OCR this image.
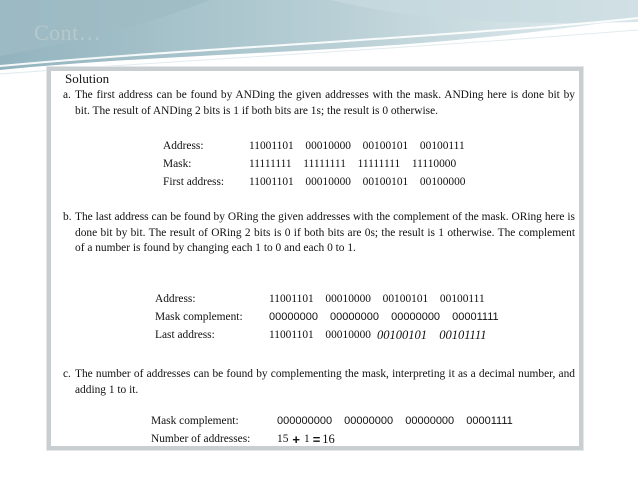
Cont…
Solution
a. The first address can be found by ANDing the given addresses with the mask. ANDing here is done bit by bit. The result of ANDing 2 bits is 1 if both bits are 1s; the result is 0 otherwise.
Address:	11001101  00010000  00100101  00100111
Mask:	11111111  11111111  11111111  11110000
First address:	11001101  00010000  00100101  00100000
b. The last address can be found by ORing the given addresses with the complement of the mask. ORing here is done bit by bit. The result of ORing 2 bits is 0 if both bits are 0s; the result is 1 otherwise. The complement of a number is found by changing each 1 to 0 and each 0 to 1.
Address:	11001101  00010000  00100101  00100111
Mask complement:	00000000  00000000  00000000  00001111
Last address:	11001101  00010000 00100101  00101111
c. The number of addresses can be found by complementing the mask, interpreting it as a decimal number, and adding 1 to it.
Mask complement:	000000000  00000000  00000000  00001111
Number of addresses:	15 + 1 = 16
